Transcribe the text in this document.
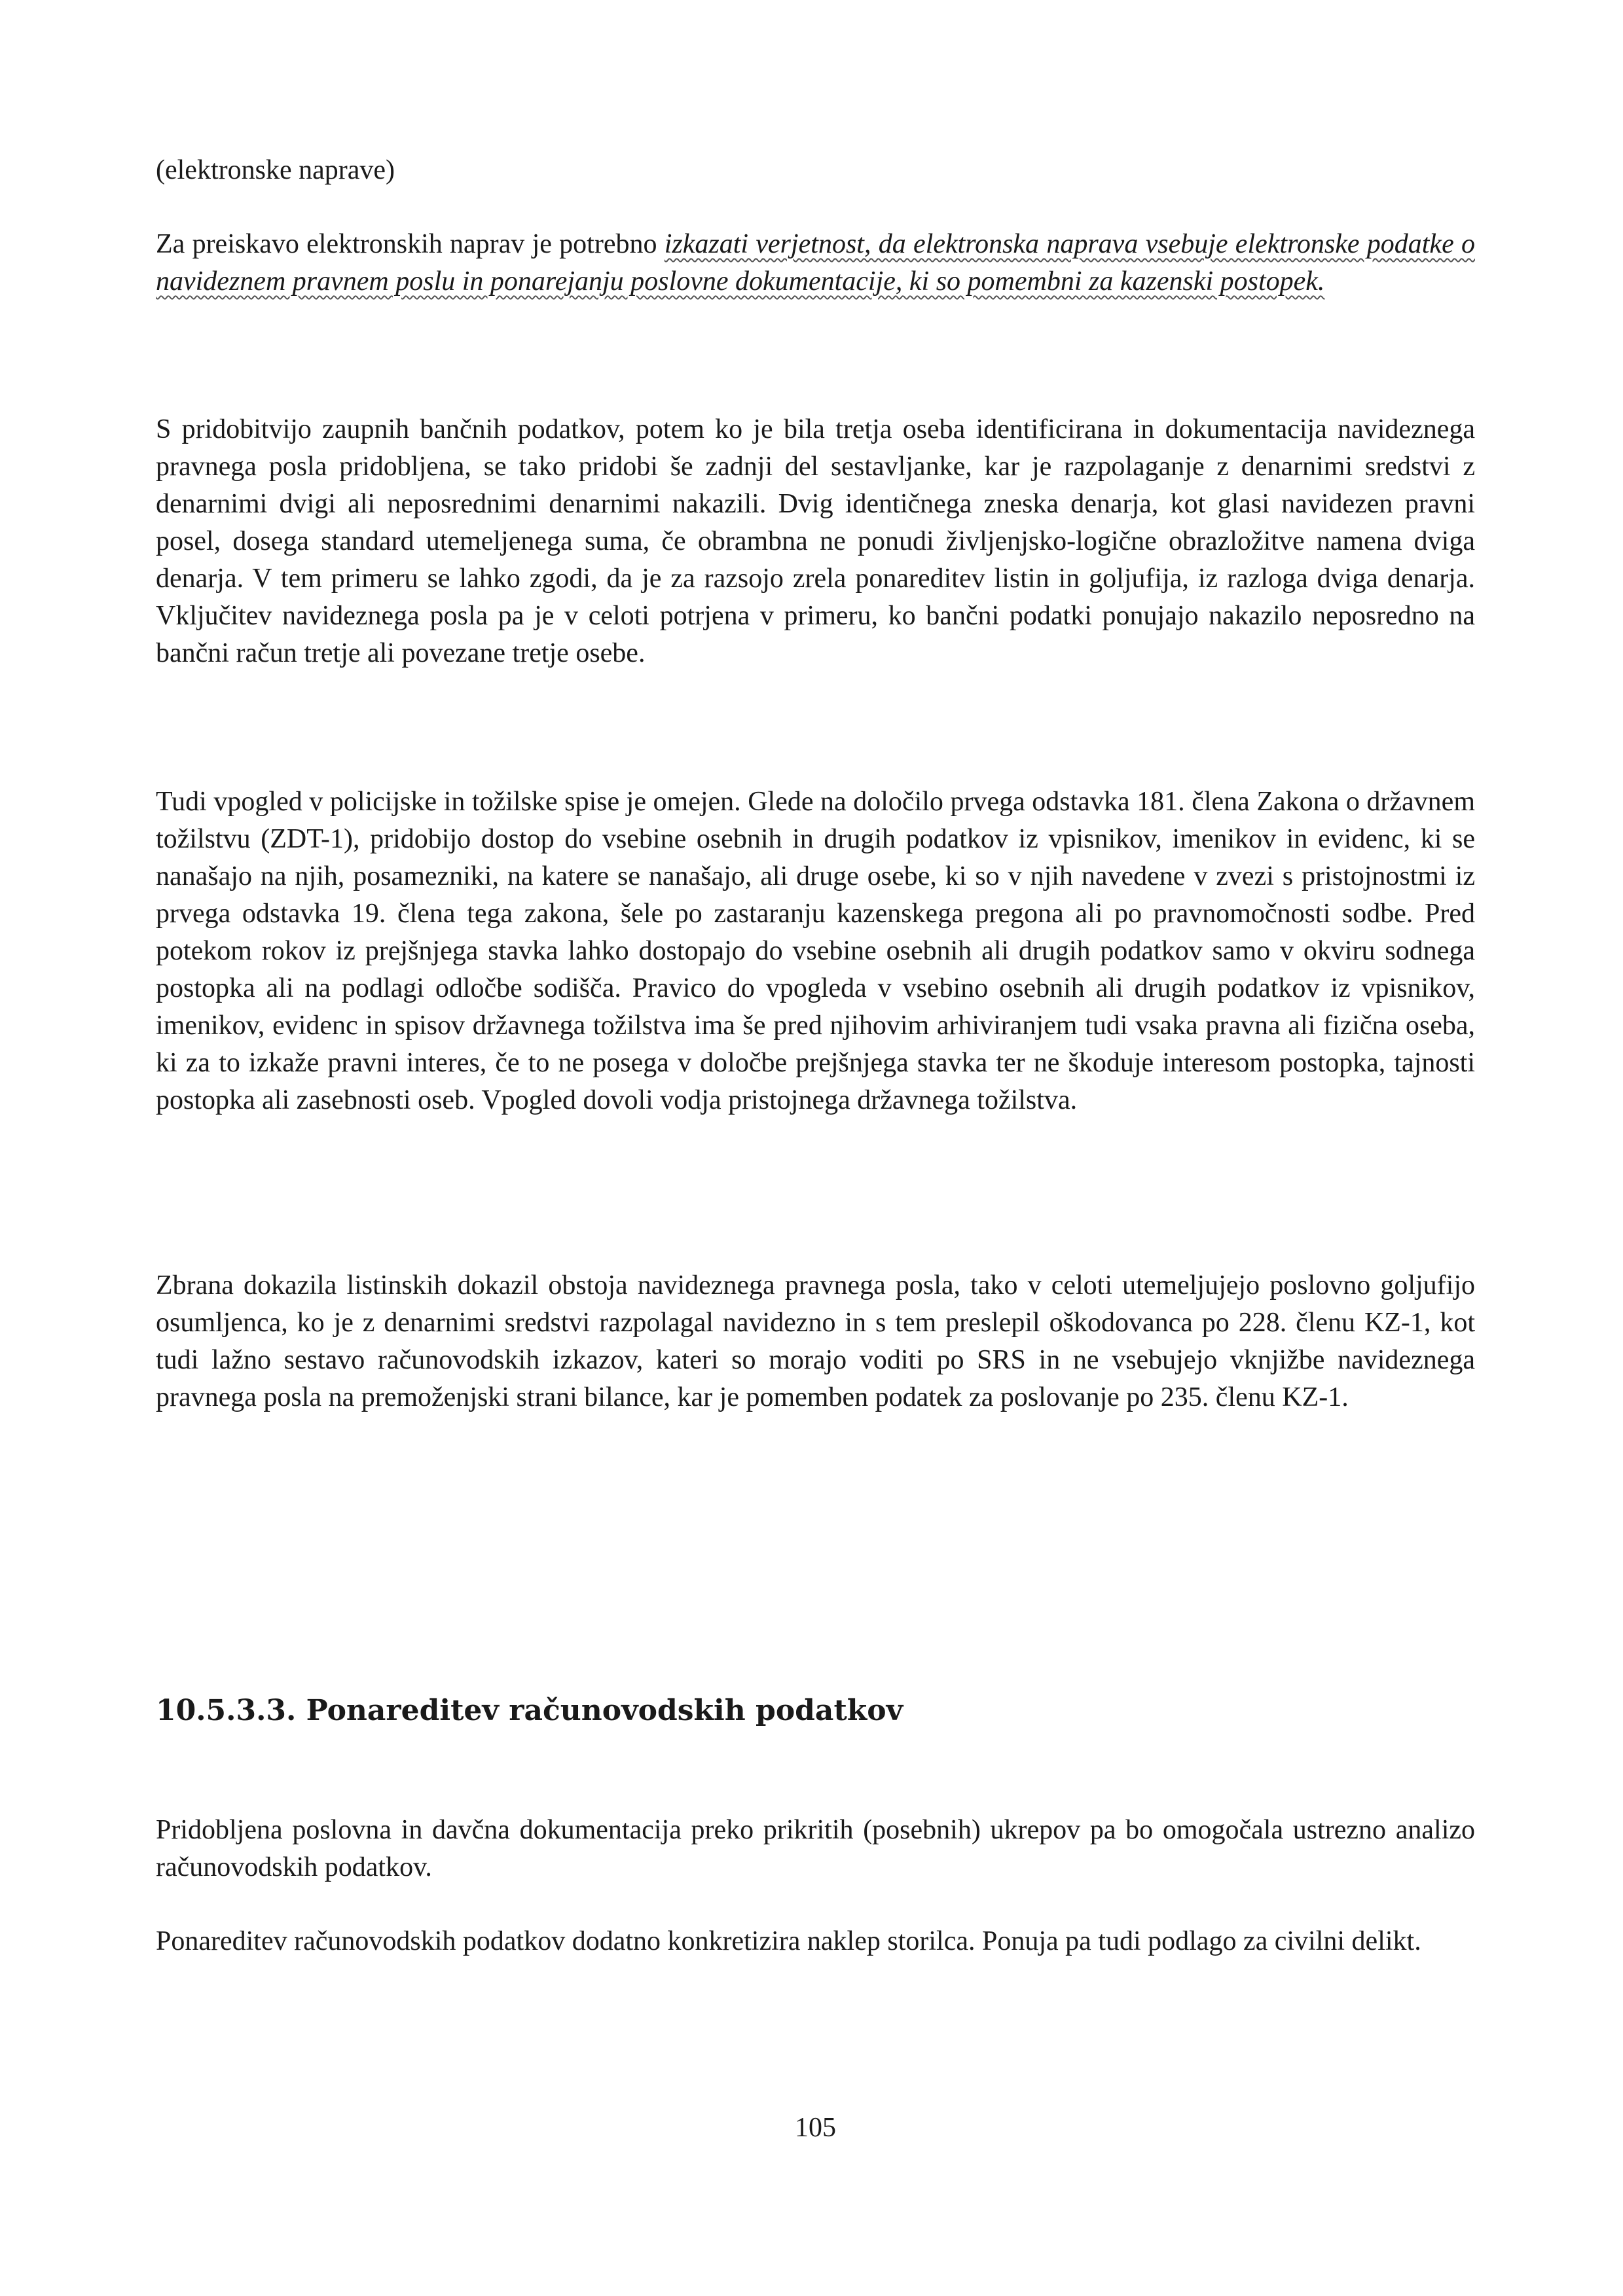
(elektronske naprave)

Za preiskavo elektronskih naprav je potrebno izkazati verjetnost, da elektronska naprava vsebuje elektronske podatke o navideznem pravnem poslu in ponarejanju poslovne dokumentacije, ki so pomembni za kazenski postopek.

S pridobitvijo zaupnih bančnih podatkov, potem ko je bila tretja oseba identificirana in dokumentacija navideznega pravnega posla pridobljena, se tako pridobi še zadnji del sestavljanke, kar je razpolaganje z denarnimi sredstvi z denarnimi dvigi ali neposrednimi denarnimi nakazili. Dvig identičnega zneska denarja, kot glasi navidezen pravni posel, dosega standard utemeljenega suma, če obrambna ne ponudi življenjsko-logične obrazložitve namena dviga denarja. V tem primeru se lahko zgodi, da je za razsojo zrela ponareditev listin in goljufija, iz razloga dviga denarja. Vključitev navideznega posla pa je v celoti potrjena v primeru, ko bančni podatki ponujajo nakazilo neposredno na bančni račun tretje ali povezane tretje osebe.

Tudi vpogled v policijske in tožilske spise je omejen. Glede na določilo prvega odstavka 181. člena Zakona o državnem tožilstvu (ZDT-1), pridobijo dostop do vsebine osebnih in drugih podatkov iz vpisnikov, imenikov in evidenc, ki se nanašajo na njih, posamezniki, na katere se nanašajo, ali druge osebe, ki so v njih navedene v zvezi s pristojnostmi iz prvega odstavka 19. člena tega zakona, šele po zastaranju kazenskega pregona ali po pravnomočnosti sodbe. Pred potekom rokov iz prejšnjega stavka lahko dostopajo do vsebine osebnih ali drugih podatkov samo v okviru sodnega postopka ali na podlagi odločbe sodišča. Pravico do vpogleda v vsebino osebnih ali drugih podatkov iz vpisnikov, imenikov, evidenc in spisov državnega tožilstva ima še pred njihovim arhiviranjem tudi vsaka pravna ali fizična oseba, ki za to izkaže pravni interes, če to ne posega v določbe prejšnjega stavka ter ne škoduje interesom postopka, tajnosti postopka ali zasebnosti oseb. Vpogled dovoli vodja pristojnega državnega tožilstva.

Zbrana dokazila listinskih dokazil obstoja navideznega pravnega posla, tako v celoti utemeljujejo poslovno goljufijo osumljenca, ko je z denarnimi sredstvi razpolagal navidezno in s tem preslepil oškodovanca po 228. členu KZ-1, kot tudi lažno sestavo računovodskih izkazov, kateri so morajo voditi po SRS in ne vsebujejo vknjižbe navideznega pravnega posla na premoženjski strani bilance, kar je pomemben podatek za poslovanje po 235. členu KZ-1.

10.5.3.3. Ponareditev računovodskih podatkov

Pridobljena poslovna in davčna dokumentacija preko prikritih (posebnih) ukrepov pa bo omogočala ustrezno analizo računovodskih podatkov.

Ponareditev računovodskih podatkov dodatno konkretizira naklep storilca. Ponuja pa tudi podlago za civilni delikt.

105
